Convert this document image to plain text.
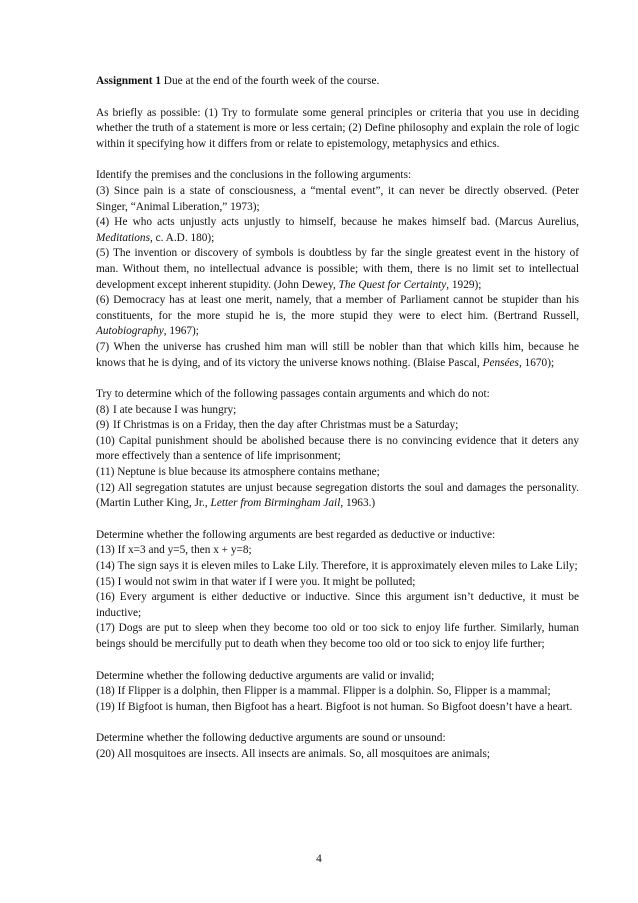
Assignment 1 Due at the end of the fourth week of the course.

As briefly as possible: (1) Try to formulate some general principles or criteria that you use in deciding whether the truth of a statement is more or less certain; (2) Define philosophy and explain the role of logic within it specifying how it differs from or relate to epistemology, metaphysics and ethics.

Identify the premises and the conclusions in the following arguments:

(3) Since pain is a state of consciousness, a “mental event”, it can never be directly observed. (Peter Singer, “Animal Liberation,” 1973);

(4) He who acts unjustly acts unjustly to himself, because he makes himself bad. (Marcus Aurelius, Meditations, c. A.D. 180);

(5) The invention or discovery of symbols is doubtless by far the single greatest event in the history of man. Without them, no intellectual advance is possible; with them, there is no limit set to intellectual development except inherent stupidity. (John Dewey, The Quest for Certainty, 1929);

(6) Democracy has at least one merit, namely, that a member of Parliament cannot be stupider than his constituents, for the more stupid he is, the more stupid they were to elect him. (Bertrand Russell, Autobiography, 1967);

(7) When the universe has crushed him man will still be nobler than that which kills him, because he knows that he is dying, and of its victory the universe knows nothing. (Blaise Pascal, Pensées, 1670);

Try to determine which of the following passages contain arguments and which do not:

(8) I ate because I was hungry;

(9) If Christmas is on a Friday, then the day after Christmas must be a Saturday;

(10) Capital punishment should be abolished because there is no convincing evidence that it deters any more effectively than a sentence of life imprisonment;

(11) Neptune is blue because its atmosphere contains methane;

(12) All segregation statutes are unjust because segregation distorts the soul and damages the personality. (Martin Luther King, Jr., Letter from Birmingham Jail, 1963.)

Determine whether the following arguments are best regarded as deductive or inductive:

(13) If x=3 and y=5, then x + y=8;

(14) The sign says it is eleven miles to Lake Lily. Therefore, it is approximately eleven miles to Lake Lily;

(15) I would not swim in that water if I were you. It might be polluted;

(16) Every argument is either deductive or inductive. Since this argument isn’t deductive, it must be inductive;

(17) Dogs are put to sleep when they become too old or too sick to enjoy life further. Similarly, human beings should be mercifully put to death when they become too old or too sick to enjoy life further;

Determine whether the following deductive arguments are valid or invalid;

(18) If Flipper is a dolphin, then Flipper is a mammal. Flipper is a dolphin. So, Flipper is a mammal;

(19) If Bigfoot is human, then Bigfoot has a heart. Bigfoot is not human. So Bigfoot doesn’t have a heart.

Determine whether the following deductive arguments are sound or unsound:

(20) All mosquitoes are insects. All insects are animals. So, all mosquitoes are animals;

4
